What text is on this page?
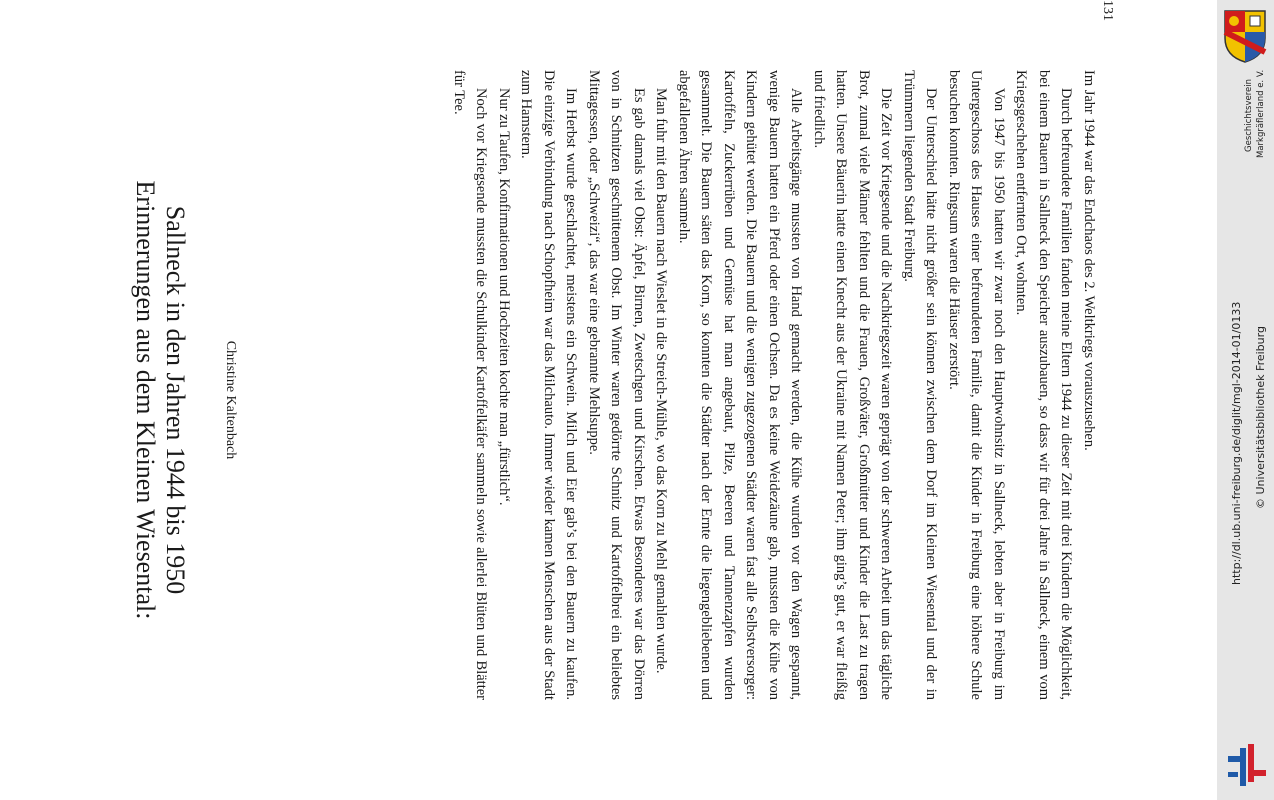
Erinnerungen aus dem Kleinen Wiesental: Sallneck in den Jahren 1944 bis 1950 Christine Kaltenbach	Im Jahr 1944 war das Endchaos des 2. Weltkriegs vorauszusehen.

Durch befreundete Familien fanden meine Eltern 1944 zu dieser Zeit mit drei Kindern die Möglichkeit, bei einem Bauern in Sallneck den Speicher auszubauen, so dass wir für drei Jahre in Sallneck, einem vom Kriegsgeschehen entfernten Ort, wohnten.

Von 1947 bis 1950 hatten wir zwar noch den Hauptwohnsitz in Sallneck, lebten aber in Freiburg im Untergeschoss des Hauses einer befreundeten Familie, damit die Kinder in Freiburg eine höhere Schule besuchen konnten. Ringsum waren die Häuser zerstört.

Der Unterschied hätte nicht größer sein können zwischen dem Dorf im Kleinen Wiesental und der in Trümmern liegenden Stadt Freiburg.

Die Zeit vor Kriegsende und die Nachkriegszeit waren geprägt von der schweren Arbeit um das tägliche Brot, zumal viele Männer fehlten und die Frauen, Großväter, Großmütter und Kinder die Last zu tragen hatten. Unsere Bäuerin hatte einen Knecht aus der Ukraine mit Namen Peter; ihm ging’s gut, er war fleißig und friedlich.

Alle Arbeitsgänge mussten von Hand gemacht werden, die Kühe wurden vor den Wagen gespannt, wenige Bauern hatten ein Pferd oder einen Ochsen. Da es keine Weidezäune gab, mussten die Kühe von Kindern gehütet werden. Die Bauern und die wenigen zugezogenen Städter waren fast alle Selbstversorger: Kartoffeln, Zuckerrüben und Gemüse hat man angebaut, Pilze, Beeren und Tannenzapfen wurden gesammelt. Die Bauern säten das Korn, so konnten die Städter nach der Ernte die liegengebliebenen und abgefallenen Ähren sammeln.

Man fuhr mit den Bauern nach Wieslet in die Streich-Mühle, wo das Korn zu Mehl gemahlen wurde.

Es gab damals viel Obst: Äpfel, Birnen, Zwetschgen und Kirschen. Etwas Besonderes war das Dörren von in Schnitzen geschnittenem Obst. Im Winter waren gedörrte Schnitz und Kartoffelbrei ein beliebtes Mittagessen, oder „Schweizi“, das war eine gebrannte Mehlsuppe.

Im Herbst wurde geschlachtet, meistens ein Schwein. Milch und Eier gab’s bei den Bauern zu kaufen. Die einzige Verbindung nach Schopfheim war das Milchauto. Immer wieder kamen Menschen aus der Stadt zum Hamstern.

Nur zu Taufen, Konfirmationen und Hochzeiten kochte man „fürstlich“.

Noch vor Kriegsende mussten die Schulkinder Kartoffelkäfer sammeln sowie allerlei Blüten und Blätter für Tee.

131
Geschichtsverein Markgräflerland e. V.
http://dl.ub.uni-freiburg.de/diglit/mgl-2014-01/0133 © Universitätsbibliothek Freiburg
